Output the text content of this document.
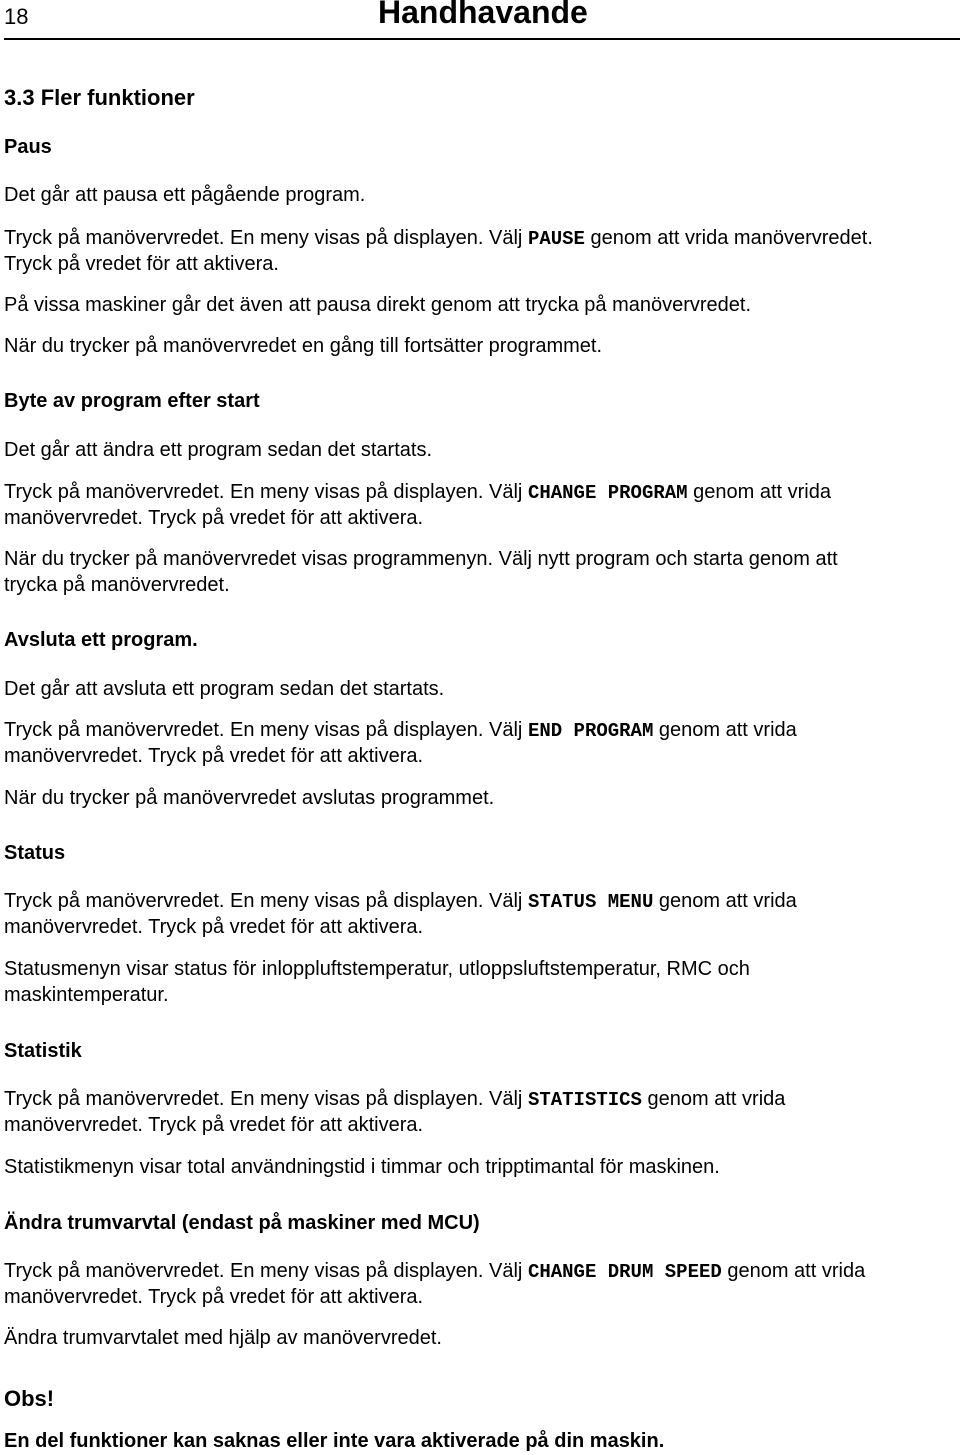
18	Handhavande
3.3 Fler funktioner
Paus
Det går att pausa ett pågående program.
Tryck på manövervredet. En meny visas på displayen. Välj PAUSE genom att vrida manövervredet.
Tryck på vredet för att aktivera.
På vissa maskiner går det även att pausa direkt genom att trycka på manövervredet.
När du trycker på manövervredet en gång till fortsätter programmet.
Byte av program efter start
Det går att ändra ett program sedan det startats.
Tryck på manövervredet. En meny visas på displayen. Välj CHANGE PROGRAM genom att vrida
manövervredet. Tryck på vredet för att aktivera.
När du trycker på manövervredet visas programmenyn. Välj nytt program och starta genom att
trycka på manövervredet.
Avsluta ett program.
Det går att avsluta ett program sedan det startats.
Tryck på manövervredet. En meny visas på displayen. Välj END PROGRAM genom att vrida
manövervredet. Tryck på vredet för att aktivera.
När du trycker på manövervredet avslutas programmet.
Status
Tryck på manövervredet. En meny visas på displayen. Välj STATUS MENU genom att vrida
manövervredet. Tryck på vredet för att aktivera.
Statusmenyn visar status för inloppluftstemperatur, utloppsluftstemperatur, RMC och
maskintemperatur.
Statistik
Tryck på manövervredet. En meny visas på displayen. Välj STATISTICS genom att vrida
manövervredet. Tryck på vredet för att aktivera.
Statistikmenyn visar total användningstid i timmar och tripptimantal för maskinen.
Ändra trumvarvtal (endast på maskiner med MCU)
Tryck på manövervredet. En meny visas på displayen. Välj CHANGE DRUM SPEED genom att vrida
manövervredet. Tryck på vredet för att aktivera.
Ändra trumvarvtalet med hjälp av manövervredet.
Obs!
En del funktioner kan saknas eller inte vara aktiverade på din maskin.
